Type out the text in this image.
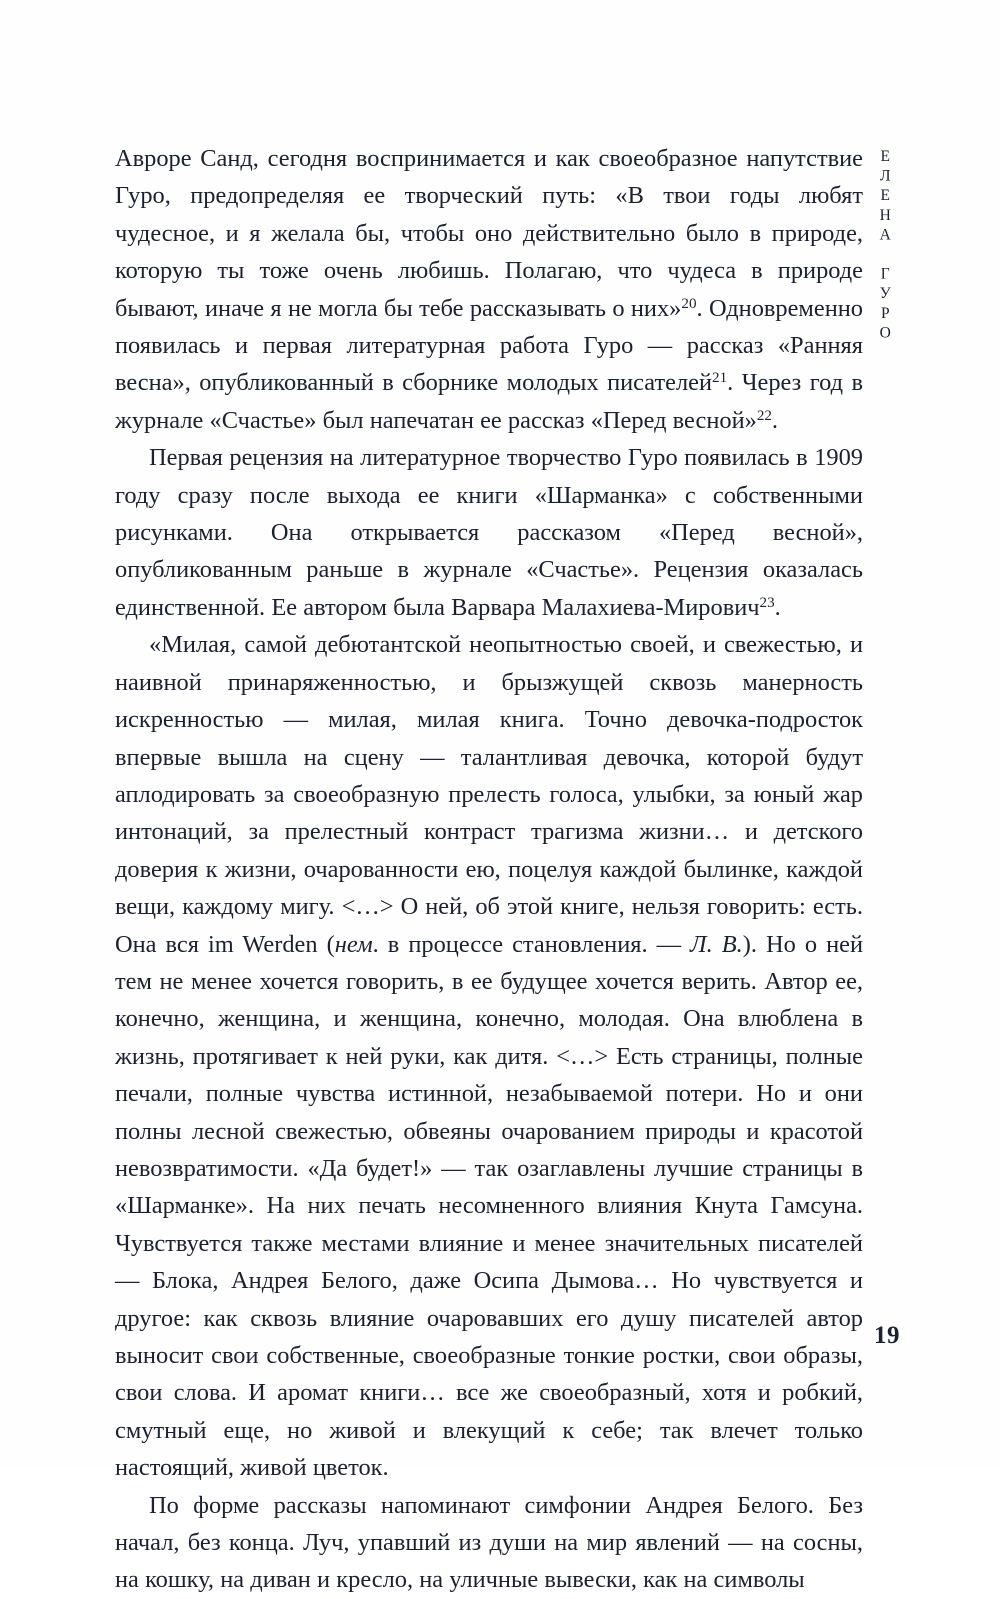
ЕЛЕНА ГУРО

Авроре Санд, сегодня воспринимается и как своеобразное напутствие Гуро, предопределяя ее творческий путь: «В твои годы любят чудесное, и я желала бы, чтобы оно действительно было в природе, которую ты тоже очень любишь. Полагаю, что чудеса в природе бывают, иначе я не могла бы тебе рассказывать о них»$^{20}$. Одновременно появилась и первая литературная работа Гуро — рассказ «Ранняя весна», опубликованный в сборнике молодых писателей$^{21}$. Через год в журнале «Счастье» был напечатан ее рассказ «Перед весной»$^{22}$.

Первая рецензия на литературное творчество Гуро появилась в 1909 году сразу после выхода ее книги «Шарманка» с собственными рисунками. Она открывается рассказом «Перед весной», опубликованным раньше в журнале «Счастье». Рецензия оказалась единственной. Ее автором была Варвара Малахиева-Мирович$^{23}$.

«Милая, самой дебютантской неопытностью своей, и свежестью, и наивной принаряженностью, и брызжущей сквозь манерность искренностью — милая, милая книга. Точно девочка-подросток впервые вышла на сцену — талантливая девочка, которой будут аплодировать за своеобразную прелесть голоса, улыбки, за юный жар интонаций, за прелестный контраст трагизма жизни… и детского доверия к жизни, очарованности ею, поцелуя каждой былинке, каждой вещи, каждому мигу. <…> О ней, об этой книге, нельзя говорить: есть. Она вся im Werden (нем. в процессе становления. — Л. В.). Но о ней тем не менее хочется говорить, в ее будущее хочется верить. Автор ее, конечно, женщина, и женщина, конечно, молодая. Она влюблена в жизнь, протягивает к ней руки, как дитя. <…> Есть страницы, полные печали, полные чувства истинной, незабываемой потери. Но и они полны лесной свежестью, обвеяны очарованием природы и красотой невозвратимости. «Да будет!» — так озаглавлены лучшие страницы в «Шарманке». На них печать несомненного влияния Кнута Гамсуна. Чувствуется также местами влияние и менее значительных писателей — Блока, Андрея Белого, даже Осипа Дымова… Но чувствуется и другое: как сквозь влияние очаровавших его душу писателей автор выносит свои собственные, своеобразные тонкие ростки, свои образы, свои слова. И аромат книги… все же своеобразный, хотя и робкий, смутный еще, но живой и влекущий к себе; так влечет только настоящий, живой цветок.

По форме рассказы напоминают симфонии Андрея Белого. Без начал, без конца. Луч, упавший из души на мир явлений — на сосны, на кошку, на диван и кресло, на уличные вывески, как на символы

19
